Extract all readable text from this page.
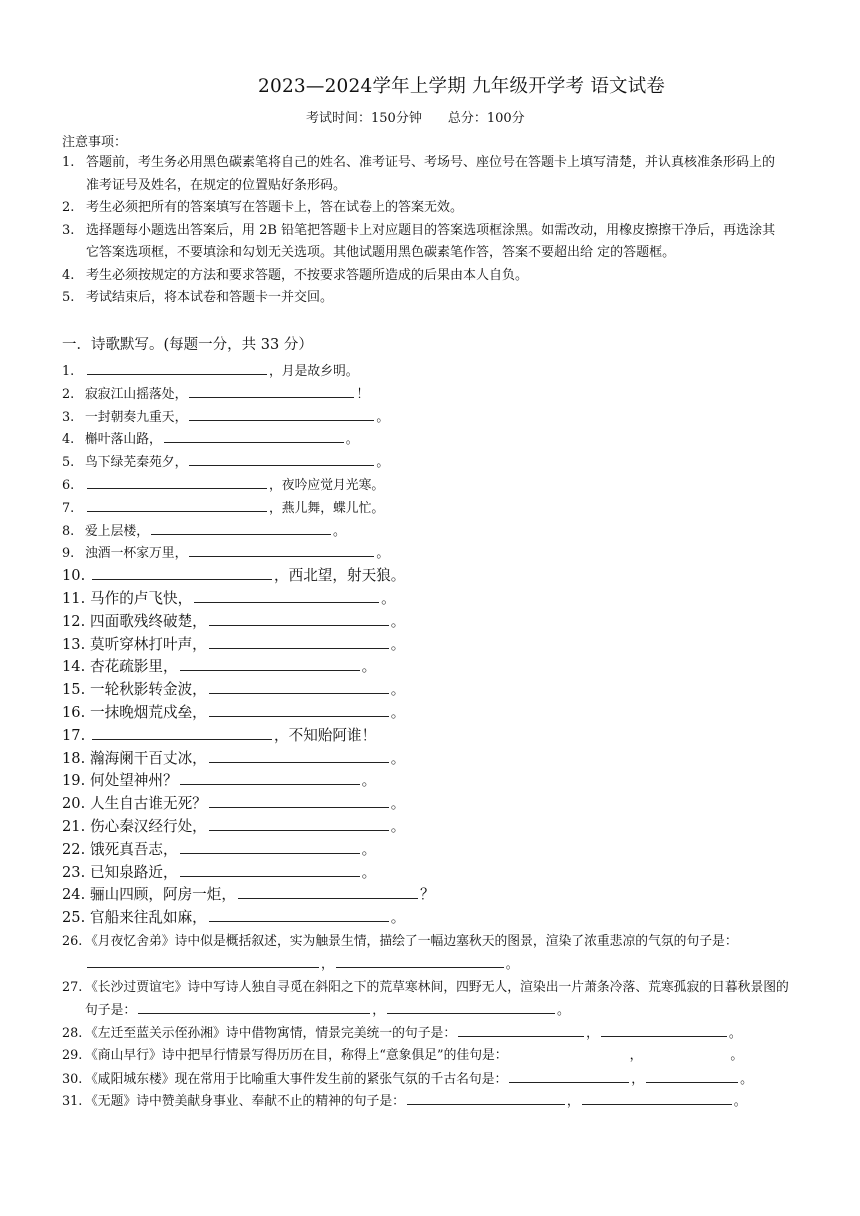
2023—2024学年上学期 九年级开学考 语文试卷
考试时间：150分钟 总分：100分
注意事项：
1. 答题前，考生务必用黑色碳素笔将自己的姓名、准考证号、考场号、座位号在答题卡上填写清楚，并认真核准条形码上的准考证号及姓名，在规定的位置贴好条形码。
2. 考生必须把所有的答案填写在答题卡上，答在试卷上的答案无效。
3. 选择题每小题选出答案后，用 2B 铅笔把答题卡上对应题目的答案选项框涂黑。如需改动，用橡皮擦擦干净后，再选涂其它答案选项框，不要填涂和勾划无关选项。其他试题用黑色碳素笔作答，答案不要超出给 定的答题框。
4. 考生必须按规定的方法和要求答题，不按要求答题所造成的后果由本人自负。
5. 考试结束后，将本试卷和答题卡一并交回。
一．诗歌默写。(每题一分，共 33 分）
1.	，月是故乡明。
2. 寂寂江山摇落处，	！
3. 一封朝奏九重天，	。
4. 槲叶落山路，	。
5. 鸟下绿芜秦苑夕，	。
6.	，夜吟应觉月光寒。
7.	，燕儿舞，蝶儿忙。
8. 爱上层楼，	。
9. 浊酒一杯家万里，	。
10.	，西北望，射天狼。
11. 马作的卢飞快，	。
12. 四面歌残终破楚，	。
13. 莫听穿林打叶声，	。
14. 杏花疏影里，	。
15. 一轮秋影转金波，	。
16. 一抹晚烟荒戍垒，	。
17.	，不知贻阿谁！
18. 瀚海阑干百丈冰，	。
19. 何处望神州？	。
20. 人生自古谁无死？	。
21. 伤心秦汉经行处，	。
22. 饿死真吾志，	。
23. 已知泉路近，	。
24. 骊山四顾，阿房一炬，	？
25. 官船来往乱如麻，	。
26. 《月夜忆舍弟》诗中似是概括叙述，实为触景生情，描绘了一幅边塞秋天的图景，渲染了浓重悲凉的气氛的句子是：，	。
27. 《长沙过贾谊宅》诗中写诗人独自寻觅在斜阳之下的荒草寒林间，四野无人，渲染出一片萧条冷落、荒寒孤寂的日暮秋景图的句子是：	，	。
28. 《左迁至蓝关示侄孙湘》诗中借物寓情，情景完美统一的句子是：	，	。
29. 《商山早行》诗中把早行情景写得历历在目，称得上“意象俱足”的佳句是：	，	。
30. 《咸阳城东楼》现在常用于比喻重大事件发生前的紧张气氛的千古名句是：	，	。
31. 《无题》诗中赞美献身事业、奉献不止的精神的句子是：	，	。
